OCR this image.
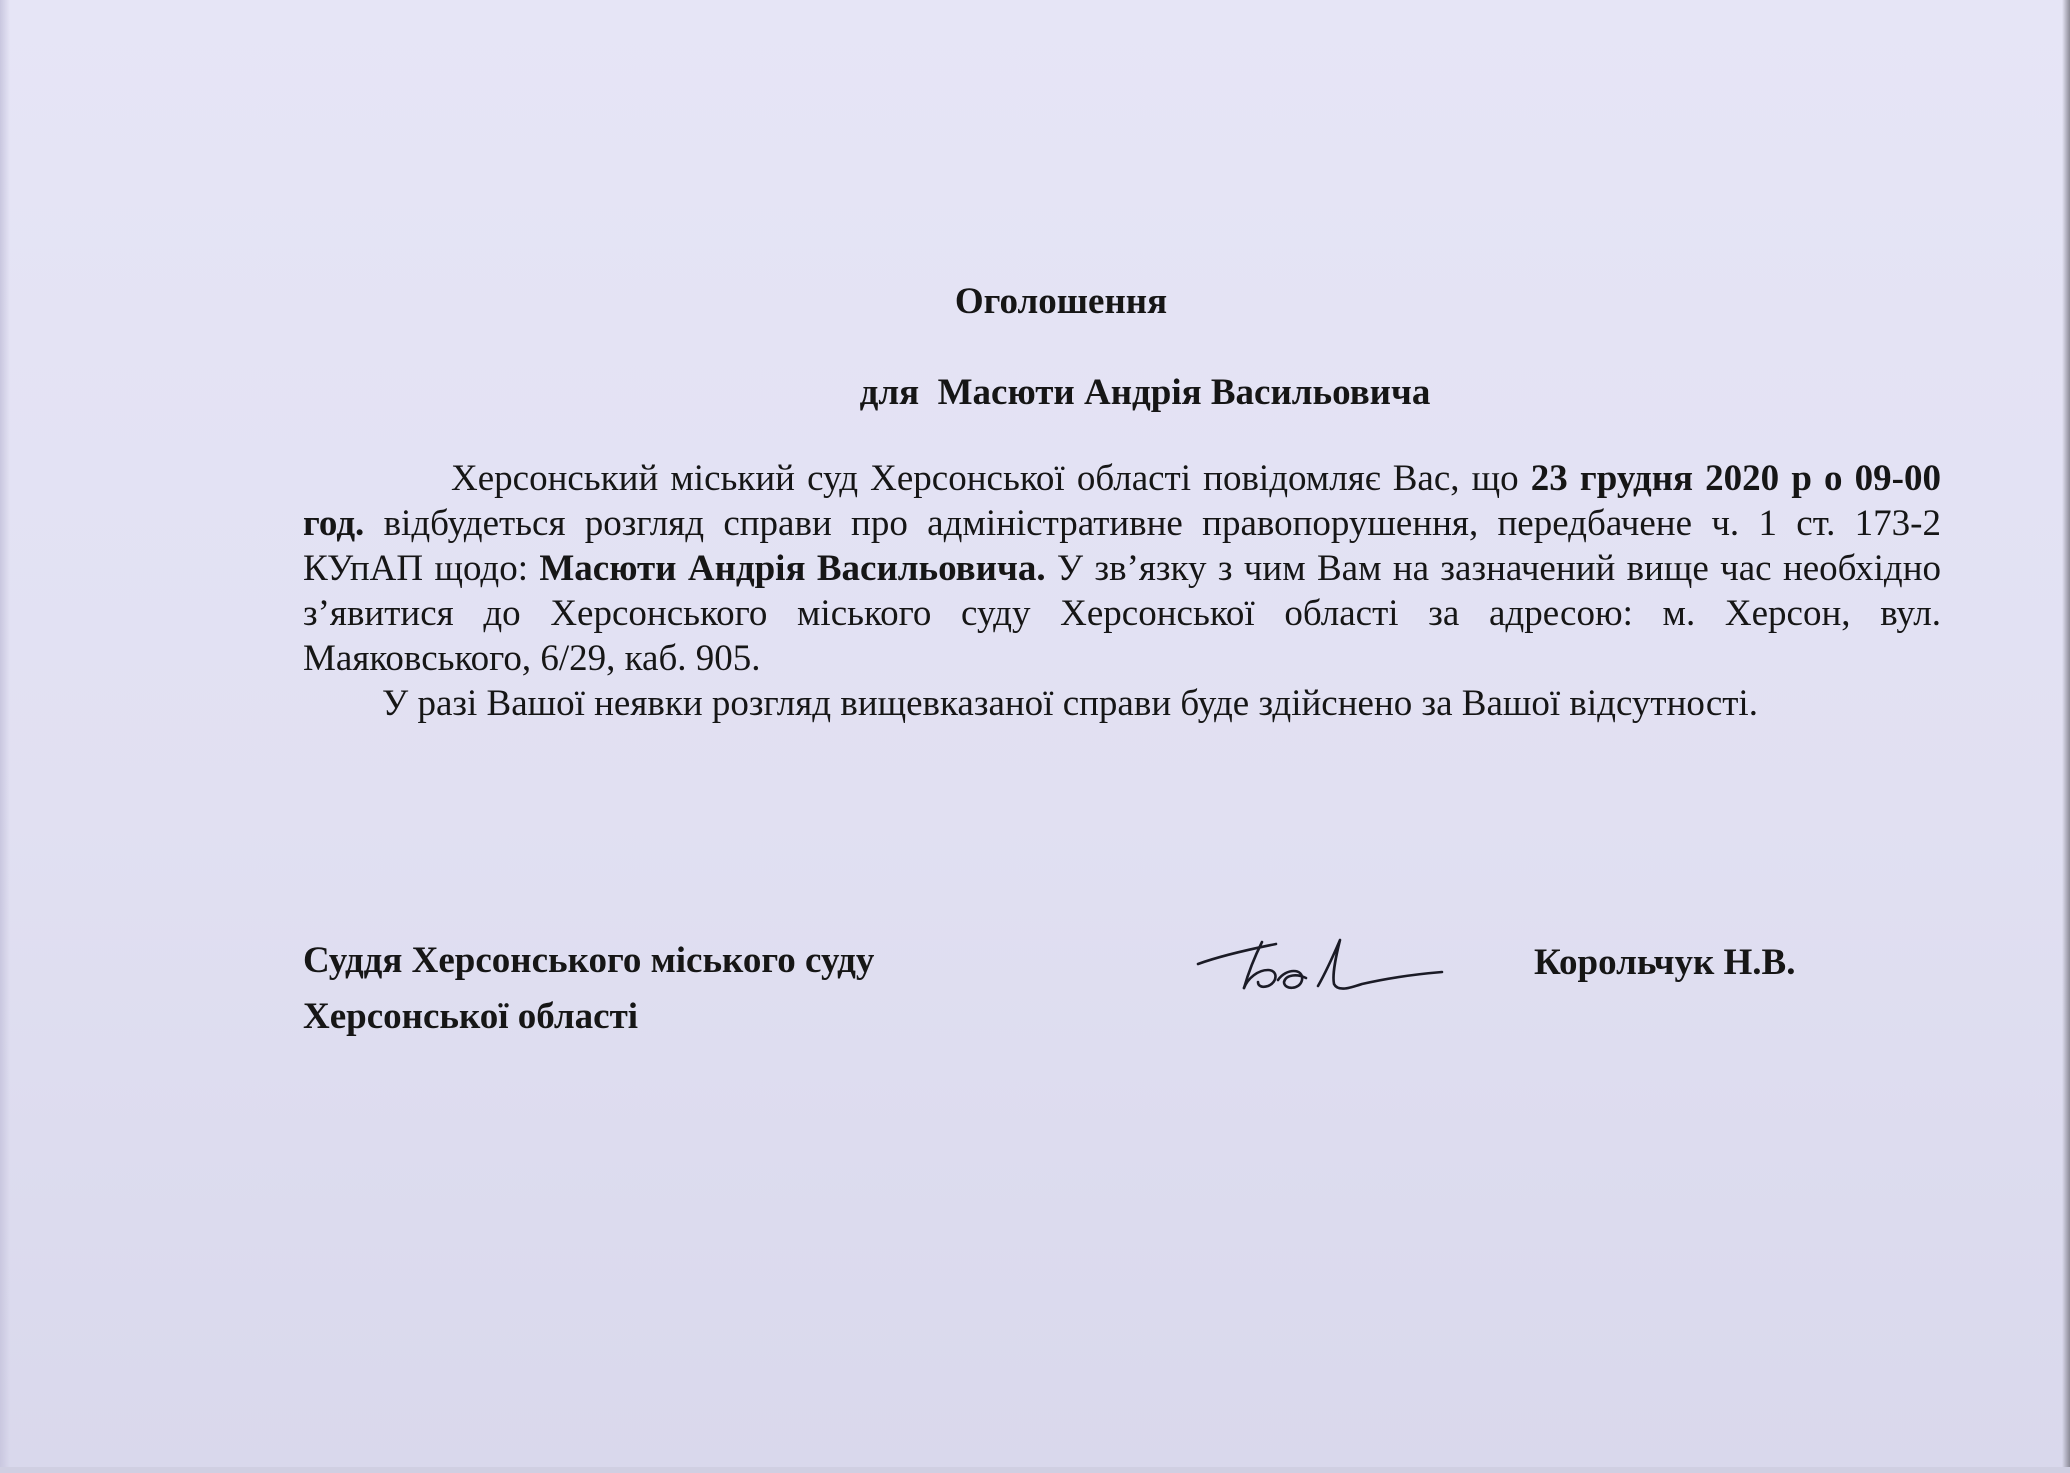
Оголошення
для  Масюти Андрія Васильовича

Херсонський міський суд Херсонської області повідомляє Вас, що 23 грудня 2020 р о 09-00 год. відбудеться розгляд справи про адміністративне правопорушення, передбачене ч. 1 ст. 173-2 КУпАП щодо: Масюти Андрія Васильовича. У зв’язку з чим Вам на зазначений вище час необхідно з’явитися до Херсонського міського суду Херсонської області за адресою: м. Херсон, вул. Маяковського, 6/29, каб. 905.

У разі Вашої неявки розгляд вищевказаної справи буде здійснено за Вашої відсутності.

Суддя Херсонського міського суду
Херсонської області
Корольчук Н.В.
